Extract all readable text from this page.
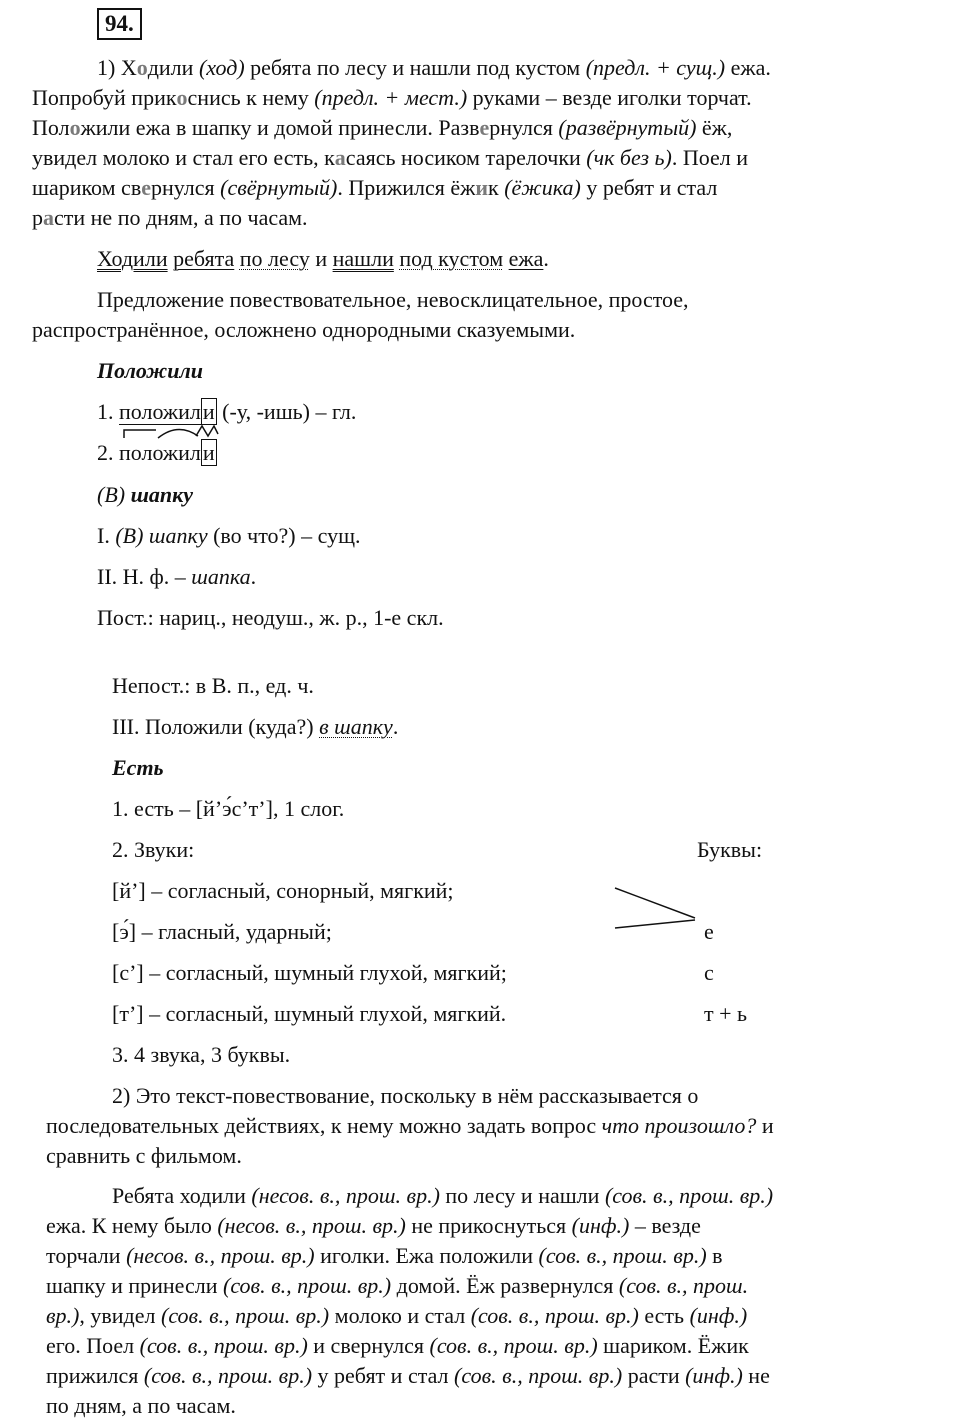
94.
1) Ходили (ход) ребята по лесу и нашли под кустом (предл. + сущ.) ежа.
Попробуй прикоснись к нему (предл. + мест.) руками – везде иголки торчат.
Положили ежа в шапку и домой принесли. Развернулся (развёрнутый) ёж,
увидел молоко и стал его есть, касаясь носиком тарелочки (чк без ь). Поел и
шариком свернулся (свёрнутый). Прижился ёжик (ёжика) у ребят и стал
расти не по дням, а по часам.
Ходили ребята по лесу и нашли под кустом ежа.
Предложение повествовательное, невосклицательное, простое,
распространённое, осложнено однородными сказуемыми.
Положили
1. положили (-у, -ишь) – гл.
2. положили
(В) шапку
I. (В) шапку (во что?) – сущ.
II. Н. ф. – шапка.
Пост.: нариц., неодуш., ж. р., 1-е скл.
Непост.: в В. п., ед. ч.
III. Положили (куда?) в шапку.
Есть
1. есть – [й’э́с’т’], 1 слог.
2. Звуки:	Буквы:
[й’] – согласный, сонорный, мягкий;
[э́] – гласный, ударный;	е
[с’] – согласный, шумный глухой, мягкий;	с
[т’] – согласный, шумный глухой, мягкий.	т + ь
3. 4 звука, 3 буквы.
2) Это текст-повествование, поскольку в нём рассказывается о
последовательных действиях, к нему можно задать вопрос что произошло? и
сравнить с фильмом.
Ребята ходили (несов. в., прош. вр.) по лесу и нашли (сов. в., прош. вр.)
ежа. К нему было (несов. в., прош. вр.) не прикоснуться (инф.) – везде
торчали (несов. в., прош. вр.) иголки. Ежа положили (сов. в., прош. вр.) в
шапку и принесли (сов. в., прош. вр.) домой. Ёж развернулся (сов. в., прош.
вр.), увидел (сов. в., прош. вр.) молоко и стал (сов. в., прош. вр.) есть (инф.)
его. Поел (сов. в., прош. вр.) и свернулся (сов. в., прош. вр.) шариком. Ёжик
прижился (сов. в., прош. вр.) у ребят и стал (сов. в., прош. вр.) расти (инф.) не
по дням, а по часам.
